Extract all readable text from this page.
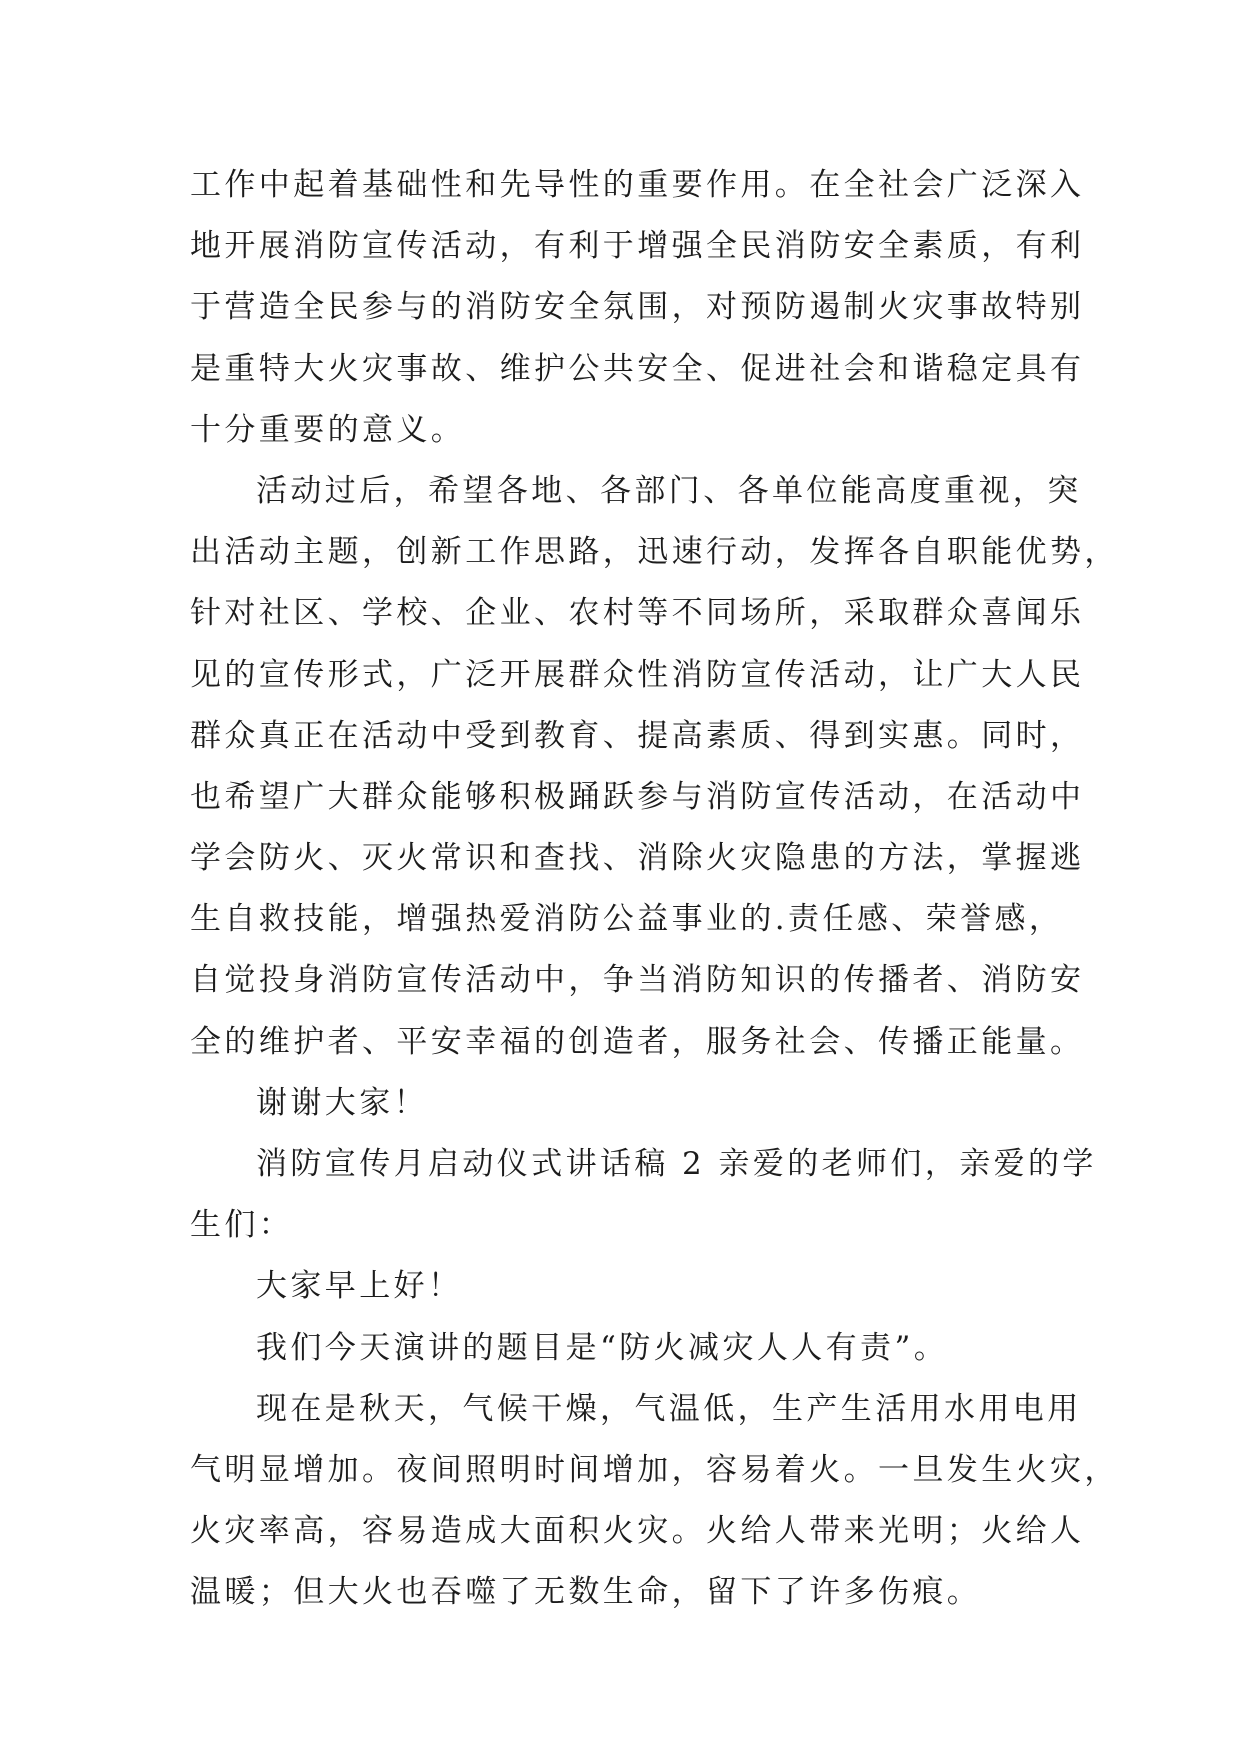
工作中起着基础性和先导性的重要作用。在全社会广泛深入
地开展消防宣传活动，有利于增强全民消防安全素质，有利
于营造全民参与的消防安全氛围，对预防遏制火灾事故特别
是重特大火灾事故、维护公共安全、促进社会和谐稳定具有
十分重要的意义。
活动过后，希望各地、各部门、各单位能高度重视，突
出活动主题，创新工作思路，迅速行动，发挥各自职能优势，
针对社区、学校、企业、农村等不同场所，采取群众喜闻乐
见的宣传形式，广泛开展群众性消防宣传活动，让广大人民
群众真正在活动中受到教育、提高素质、得到实惠。同时，
也希望广大群众能够积极踊跃参与消防宣传活动，在活动中
学会防火、灭火常识和查找、消除火灾隐患的方法，掌握逃
生自救技能，增强热爱消防公益事业的.责任感、荣誉感，
自觉投身消防宣传活动中，争当消防知识的传播者、消防安
全的维护者、平安幸福的创造者，服务社会、传播正能量。
谢谢大家！
消防宣传月启动仪式讲话稿 2 亲爱的老师们，亲爱的学
生们：
大家早上好！
我们今天演讲的题目是“防火减灾人人有责”。
现在是秋天，气候干燥，气温低，生产生活用水用电用
气明显增加。夜间照明时间增加，容易着火。一旦发生火灾，
火灾率高，容易造成大面积火灾。火给人带来光明；火给人
温暖；但大火也吞噬了无数生命，留下了许多伤痕。
